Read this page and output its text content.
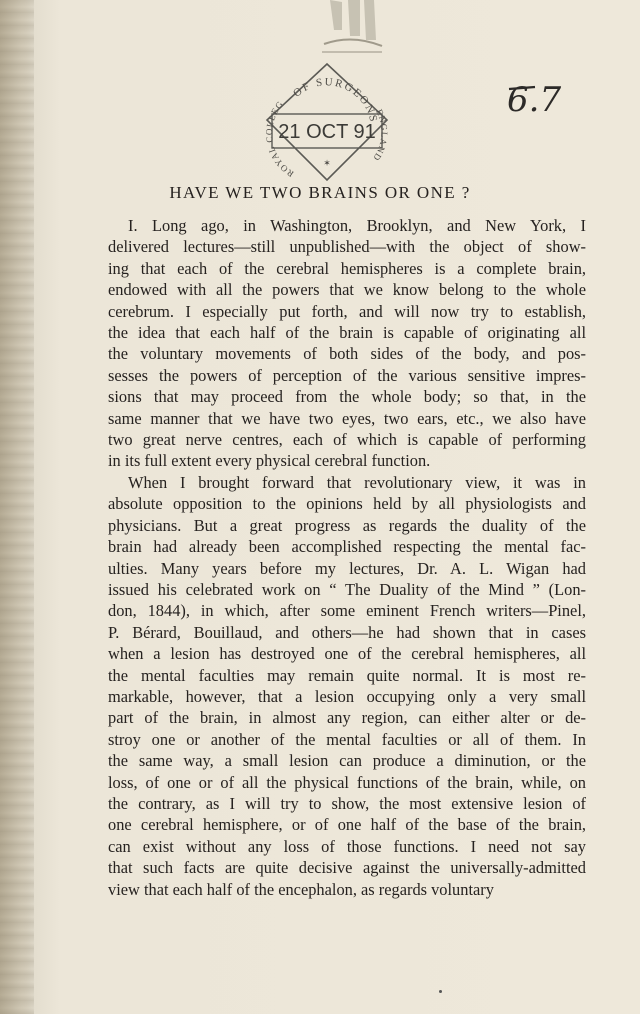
OF SURGEONS
ROYAL COLLEG
ENGLAND
21 OCT 91
✶
6.7
HAVE WE TWO BRAINS OR ONE ?
I. Long ago, in Washington, Brooklyn, and New York, I
delivered lectures—still unpublished—with the object of show-
ing that each of the cerebral hemispheres is a complete brain,
endowed with all the powers that we know belong to the whole
cerebrum. I especially put forth, and will now try to establish,
the idea that each half of the brain is capable of originating all
the voluntary movements of both sides of the body, and pos-
sesses the powers of perception of the various sensitive impres-
sions that may proceed from the whole body; so that, in the
same manner that we have two eyes, two ears, etc., we also have
two great nerve centres, each of which is capable of performing
in its full extent every physical cerebral function.
When I brought forward that revolutionary view, it was in
absolute opposition to the opinions held by all physiologists and
physicians. But a great progress as regards the duality of the
brain had already been accomplished respecting the mental fac-
ulties. Many years before my lectures, Dr. A. L. Wigan had
issued his celebrated work on “ The Duality of the Mind ” (Lon-
don, 1844), in which, after some eminent French writers—Pinel,
P. Bérard, Bouillaud, and others—he had shown that in cases
when a lesion has destroyed one of the cerebral hemispheres, all
the mental faculties may remain quite normal. It is most re-
markable, however, that a lesion occupying only a very small
part of the brain, in almost any region, can either alter or de-
stroy one or another of the mental faculties or all of them. In
the same way, a small lesion can produce a diminution, or the
loss, of one or of all the physical functions of the brain, while, on
the contrary, as I will try to show, the most extensive lesion of
one cerebral hemisphere, or of one half of the base of the brain,
can exist without any loss of those functions. I need not say
that such facts are quite decisive against the universally-admitted
view that each half of the encephalon, as regards voluntary
